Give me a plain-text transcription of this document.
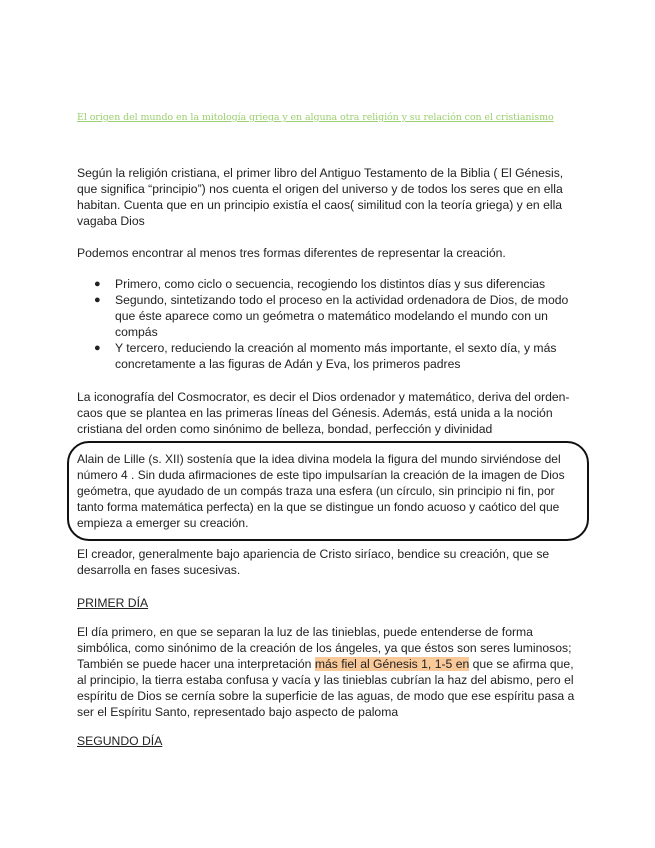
El origen del mundo en la mitología griega y en alguna otra religión y su relación con el cristianismo

Según la religión cristiana, el primer libro del Antiguo Testamento de la Biblia ( El Génesis, que significa “principio”) nos cuenta el origen del universo y de todos los seres que en ella habitan. Cuenta que en un principio existía el caos( similitud con la teoría griega) y en ella vagaba Dios

Podemos encontrar al menos tres formas diferentes de representar la creación.

● Primero, como ciclo o secuencia, recogiendo los distintos días y sus diferencias
● Segundo, sintetizando todo el proceso en la actividad ordenadora de Dios, de modo que éste aparece como un geómetra o matemático modelando el mundo con un compás
● Y tercero, reduciendo la creación al momento más importante, el sexto día, y más concretamente a las figuras de Adán y Eva, los primeros padres

La iconografía del Cosmocrator, es decir el Dios ordenador y matemático, deriva del orden-caos que se plantea en las primeras líneas del Génesis. Además, está unida a la noción cristiana del orden como sinónimo de belleza, bondad, perfección y divinidad

Alain de Lille (s. XII) sostenía que la idea divina modela la figura del mundo sirviéndose del número 4 . Sin duda afirmaciones de este tipo impulsarían la creación de la imagen de Dios geómetra, que ayudado de un compás traza una esfera (un círculo, sin principio ni fin, por tanto forma matemática perfecta) en la que se distingue un fondo acuoso y caótico del que empieza a emerger su creación.

El creador, generalmente bajo apariencia de Cristo siríaco, bendice su creación, que se desarrolla en fases sucesivas.

PRIMER DÍA

El día primero, en que se separan la luz de las tinieblas, puede entenderse de forma simbólica, como sinónimo de la creación de los ángeles, ya que éstos son seres luminosos; También se puede hacer una interpretación más fiel al Génesis 1, 1-5 en que se afirma que, al principio, la tierra estaba confusa y vacía y las tinieblas cubrían la haz del abismo, pero el espíritu de Dios se cernía sobre la superficie de las aguas, de modo que ese espíritu pasa a ser el Espíritu Santo, representado bajo aspecto de paloma

SEGUNDO DÍA
